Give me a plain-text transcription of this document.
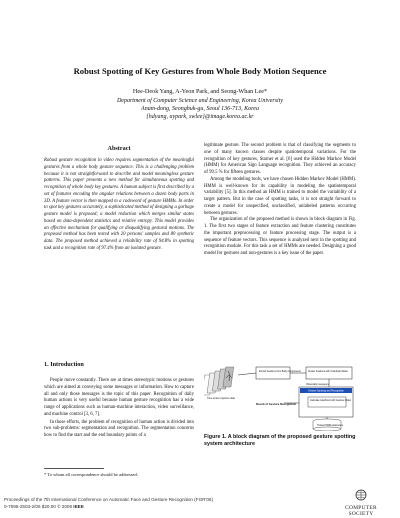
Robust Spotting of Key Gestures from Whole Body Motion Sequence
Hee-Deok Yang, A-Yeon Park, and Seong-Whan Lee*
Department of Computer Science and Engineering, Korea University
Anam-dong, Seongbuk-gu, Seoul 136-713, Korea
{hdyang, aypark, swlee}@image.korea.ac.kr
Abstract
Robust gesture recognition in video requires segmentation of the meaningful gestures from a whole body gesture sequence. This is a challenging problem because it is not straightforward to describe and model meaningless gesture patterns. This paper presents a new method for simultaneous spotting and recognition of whole body key gestures. A human subject is first described by a set of features encoding the angular relations between a dozen body parts in 3D. A feature vector is then mapped to a codeword of gesture HMMs. In order to spot key gestures accurately, a sophisticated method of designing a garbage gesture model is proposed; a model reduction which merges similar states based on data-dependent statistics and relative entropy. This model provides an effective mechanism for qualifying or disqualifying gestural motions. The proposed method has been tested with 20 persons' samples and 80 synthetic data. The proposed method achieved a reliability rate of 94.8% in spotting task and a recognition rate of 97.4% from an isolated gesture.
1. Introduction

People move constantly. There are at times stereotypic motions or gestures which are aimed at conveying some messages or information. How to capture all and only those messages is the topic of this paper. Recognition of daily human actions is very useful because human gesture recognition has a wide range of applications such as human-machine interaction, video surveillance, and machine control [3, 6, 7].

In those efforts, the problem of recognition of human action is divided into two sub-problems: segmentation and recognition. The segmentation concerns how to find the start and the end boundary points of a

* To whom all correspondence should be addressed.

legitimate gesture. The second problem is that of classifying the segments to one of many known classes despite spatiotemporal variations. For the recognition of key gestures, Starner et al. [6] used the Hidden Markov Model (HMM) for American Sign Language recognition. They achieved an accuracy of 99.5 % for fifteen gestures.

Among the modeling tools, we have chosen Hidden Markov Model (HMM). HMM is well-known for its capability in modeling the spatiotemporal variability [5]. In this method an HMM is trained to model the variability of a target pattern. But in the case of spotting tasks, it is not straight forward to create a model for unspecified, unclassified, unlabeled patterns occurring between gestures.

The organization of the proposed method is shown in block diagram in Fig. 1. The first two stages of feature extraction and feature clustering constitutes the important preprocessing or feature processing stage. The output is a sequence of feature vectors. This sequence is analyzed next in the spotting and recognition module. For this task a set of HMMs are needed. Designing a good model for gestures and non-gestures is a key issue of the paper.

Time series of gesture data
Extract Features from Body Components	Cluster Features with Codebook Model
Observation sequence
Gesture Spotting and Recognition
Calculate Likelihood with Gesture Model
Result of Gesture Recognition
Trained HMM parameters
Figure 1. A block diagram of the proposed gesture spotting system architecture
Proceedings of the 7th International Conference on Automatic Face and Gesture Recognition (FGR'06)
0-7695-2503-2/06 $20.00 © 2006 IEEE	COMPUTER
SOCIETY
